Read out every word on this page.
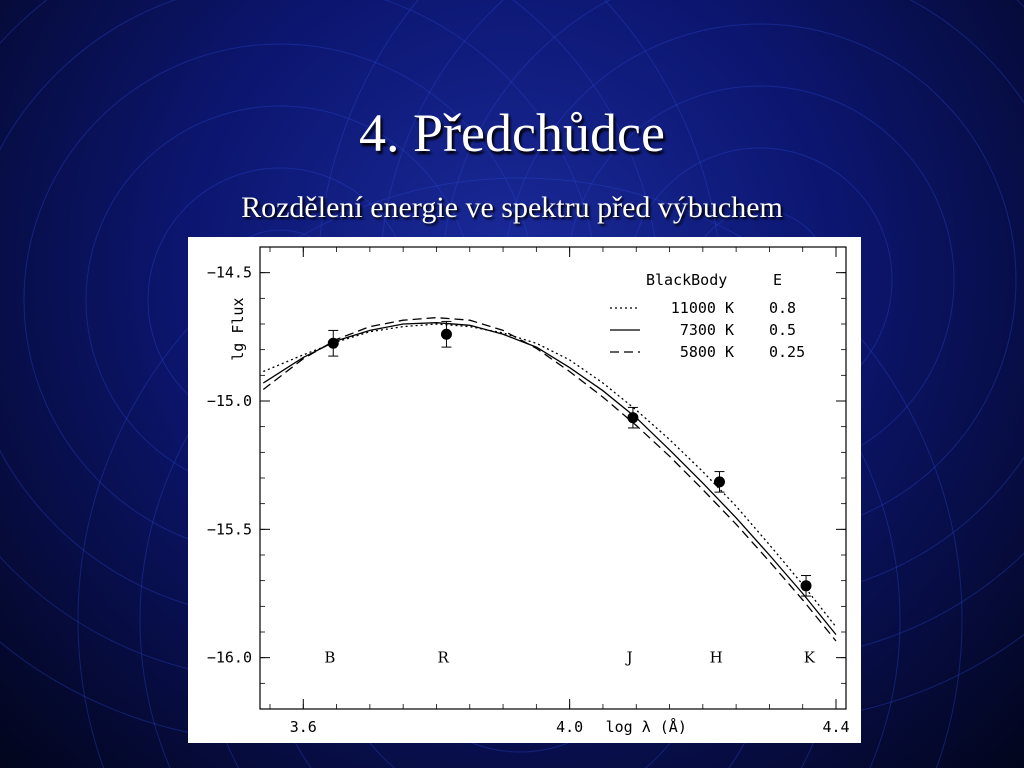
4. Předchůdce
Rozdělení energie ve spektru před výbuchem
−14.5
−15.0
−15.5
−16.0
3.6	4.0	4.4
log λ (Å)
lg Flux
B	R	J	H	K
BlackBody	E
11000 K 0.8
7300 K 0.5
5800 K 0.25
